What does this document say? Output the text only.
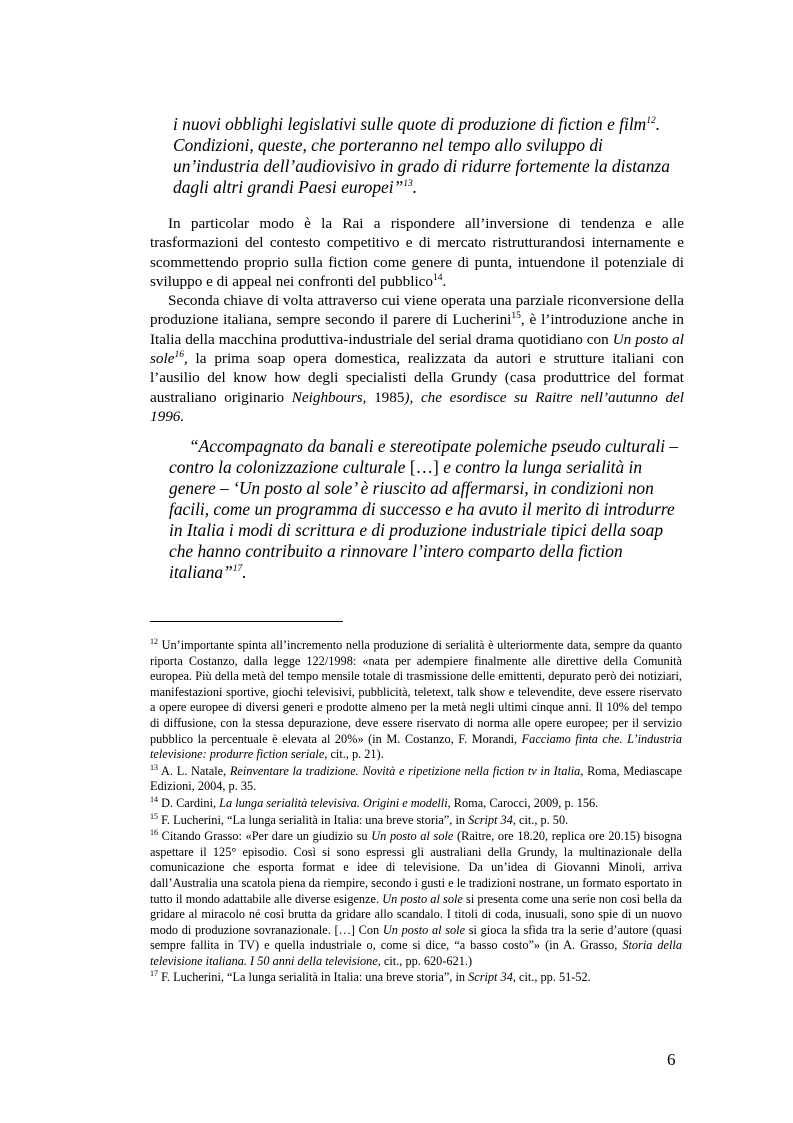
i nuovi obblighi legislativi sulle quote di produzione di fiction e film$^{12}$.
Condizioni, queste, che porteranno nel tempo allo sviluppo di
un’industria dell’audiovisivo in grado di ridurre fortemente la distanza
dagli altri grandi Paesi europei”$^{13}$.

In particolar modo è la Rai a rispondere all’inversione di tendenza e alle trasformazioni del contesto competitivo e di mercato ristrutturandosi internamente e scommettendo proprio sulla fiction come genere di punta, intuendone il potenziale di sviluppo e di appeal nei confronti del pubblico$^{14}$.

Seconda chiave di volta attraverso cui viene operata una parziale riconversione della produzione italiana, sempre secondo il parere di Lucherini$^{15}$, è l’introduzione anche in Italia della macchina produttiva-industriale del serial drama quotidiano con Un posto al sole$^{16}$, la prima soap opera domestica, realizzata da autori e strutture italiani con l’ausilio del know how degli specialisti della Grundy (casa produttrice del format australiano originario Neighbours, 1985), che esordisce su Raitre nell’autunno del 1996.

“Accompagnato da banali e stereotipate polemiche pseudo culturali – contro la colonizzazione culturale […] e contro la lunga serialità in genere – ‘Un posto al sole’ è riuscito ad affermarsi, in condizioni non facili, come un programma di successo e ha avuto il merito di introdurre in Italia i modi di scrittura e di produzione industriale tipici della soap che hanno contribuito a rinnovare l’intero comparto della fiction italiana”$^{17}$.

$^{12}$ Un’importante spinta all’incremento nella produzione di serialità è ulteriormente data, sempre da quanto riporta Costanzo, dalla legge 122/1998: «nata per adempiere finalmente alle direttive della Comunità europea. Più della metà del tempo mensile totale di trasmissione delle emittenti, depurato però dei notiziari, manifestazioni sportive, giochi televisivi, pubblicità, teletext, talk show e televendite, deve essere riservato a opere europee di diversi generi e prodotte almeno per la metà negli ultimi cinque anni. Il 10% del tempo di diffusione, con la stessa depurazione, deve essere riservato di norma alle opere europee; per il servizio pubblico la percentuale è elevata al 20%» (in M. Costanzo, F. Morandi, Facciamo finta che. L’industria televisione: produrre fiction seriale, cit., p. 21).

$^{13}$ A. L. Natale, Reinventare la tradizione. Novità e ripetizione nella fiction tv in Italia, Roma, Mediascape Edizioni, 2004, p. 35.

$^{14}$ D. Cardini, La lunga serialità televisiva. Origini e modelli, Roma, Carocci, 2009, p. 156.

$^{15}$ F. Lucherini, “La lunga serialità in Italia: una breve storia”, in Script 34, cit., p. 50.

$^{16}$ Citando Grasso: «Per dare un giudizio su Un posto al sole (Raitre, ore 18.20, replica ore 20.15) bisogna aspettare il 125° episodio. Così si sono espressi gli australiani della Grundy, la multinazionale della comunicazione che esporta format e idee di televisione. Da un’idea di Giovanni Minoli, arriva dall’Australia una scatola piena da riempire, secondo i gusti e le tradizioni nostrane, un formato esportato in tutto il mondo adattabile alle diverse esigenze. Un posto al sole si presenta come una serie non così bella da gridare al miracolo né così brutta da gridare allo scandalo. I titoli di coda, inusuali, sono spie di un nuovo modo di produzione sovranazionale. […] Con Un posto al sole si gioca la sfida tra la serie d’autore (quasi sempre fallita in TV) e quella industriale o, come si dice, “a basso costo”» (in A. Grasso, Storia della televisione italiana. I 50 anni della televisione, cit., pp. 620-621.)

$^{17}$ F. Lucherini, “La lunga serialità in Italia: una breve storia”, in Script 34, cit., pp. 51-52.

6
